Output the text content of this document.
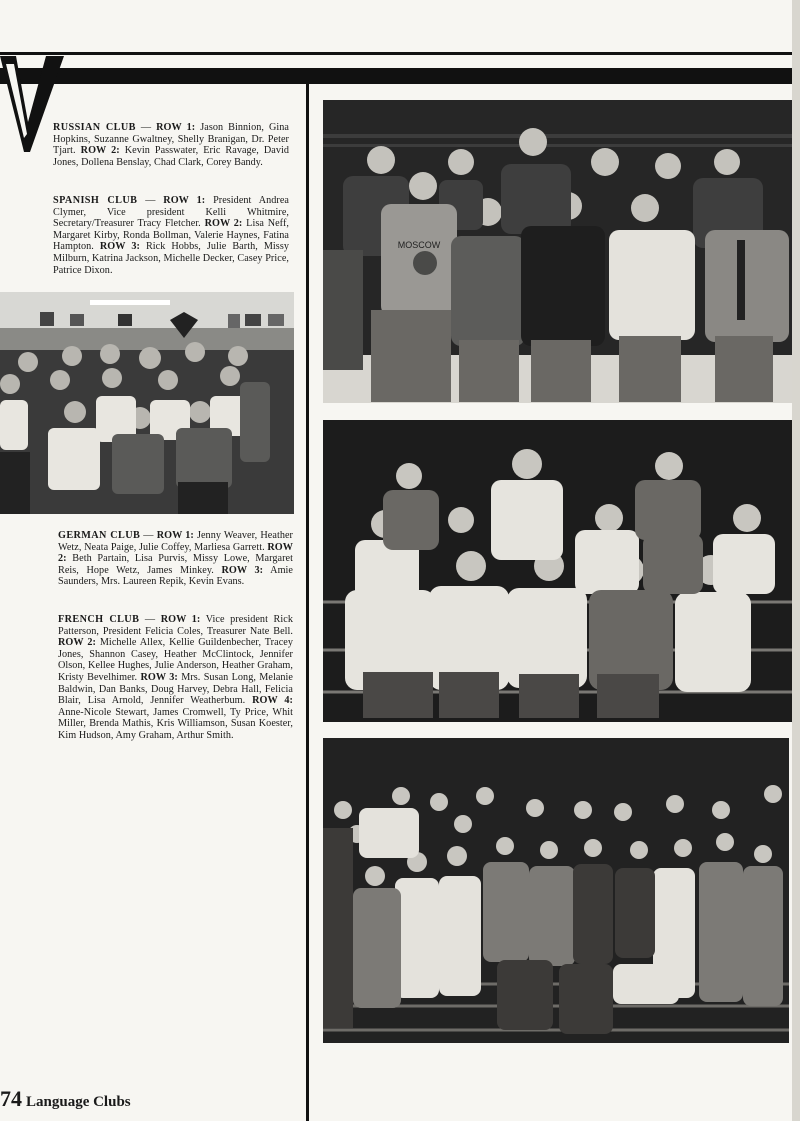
RUSSIAN CLUB — ROW 1: Jason Binnion, Gina Hopkins, Suzanne Gwaltney, Shelly Branigan, Dr. Peter Tjart. ROW 2: Kevin Passwater, Eric Ravage, David Jones, Dollena Benslay, Chad Clark, Corey Bandy.

SPANISH CLUB — ROW 1: President Andrea Clymer, Vice president Kelli Whitmire, Secretary/Treasurer Tracy Fletcher. ROW 2: Lisa Neff, Margaret Kirby, Ronda Bollman, Valerie Haynes, Fatina Hampton. ROW 3: Rick Hobbs, Julie Barth, Missy Milburn, Katrina Jackson, Michelle Decker, Casey Price, Patrice Dixon.

GERMAN CLUB — ROW 1: Jenny Weaver, Heather Wetz, Neata Paige, Julie Coffey, Marliesa Garrett. ROW 2: Beth Partain, Lisa Purvis, Missy Lowe, Margaret Reis, Hope Wetz, James Minkey. ROW 3: Amie Saunders, Mrs. Laureen Repik, Kevin Evans.

FRENCH CLUB — ROW 1: Vice president Rick Patterson, President Felicia Coles, Treasurer Nate Bell. ROW 2: Michelle Allex, Kellie Guildenbecher, Tracey Jones, Shannon Casey, Heather McClintock, Jennifer Olson, Kellee Hughes, Julie Anderson, Heather Graham, Kristy Bevelhimer. ROW 3: Mrs. Susan Long, Melanie Baldwin, Dan Banks, Doug Harvey, Debra Hall, Felicia Blair, Lisa Arnold, Jennifer Weatherbum. ROW 4: Anne-Nicole Stewart, James Cromwell, Ty Price, Whit Miller, Brenda Mathis, Kris Williamson, Susan Koester, Kim Hudson, Amy Graham, Arthur Smith.

MOSCOW
74 Language Clubs
